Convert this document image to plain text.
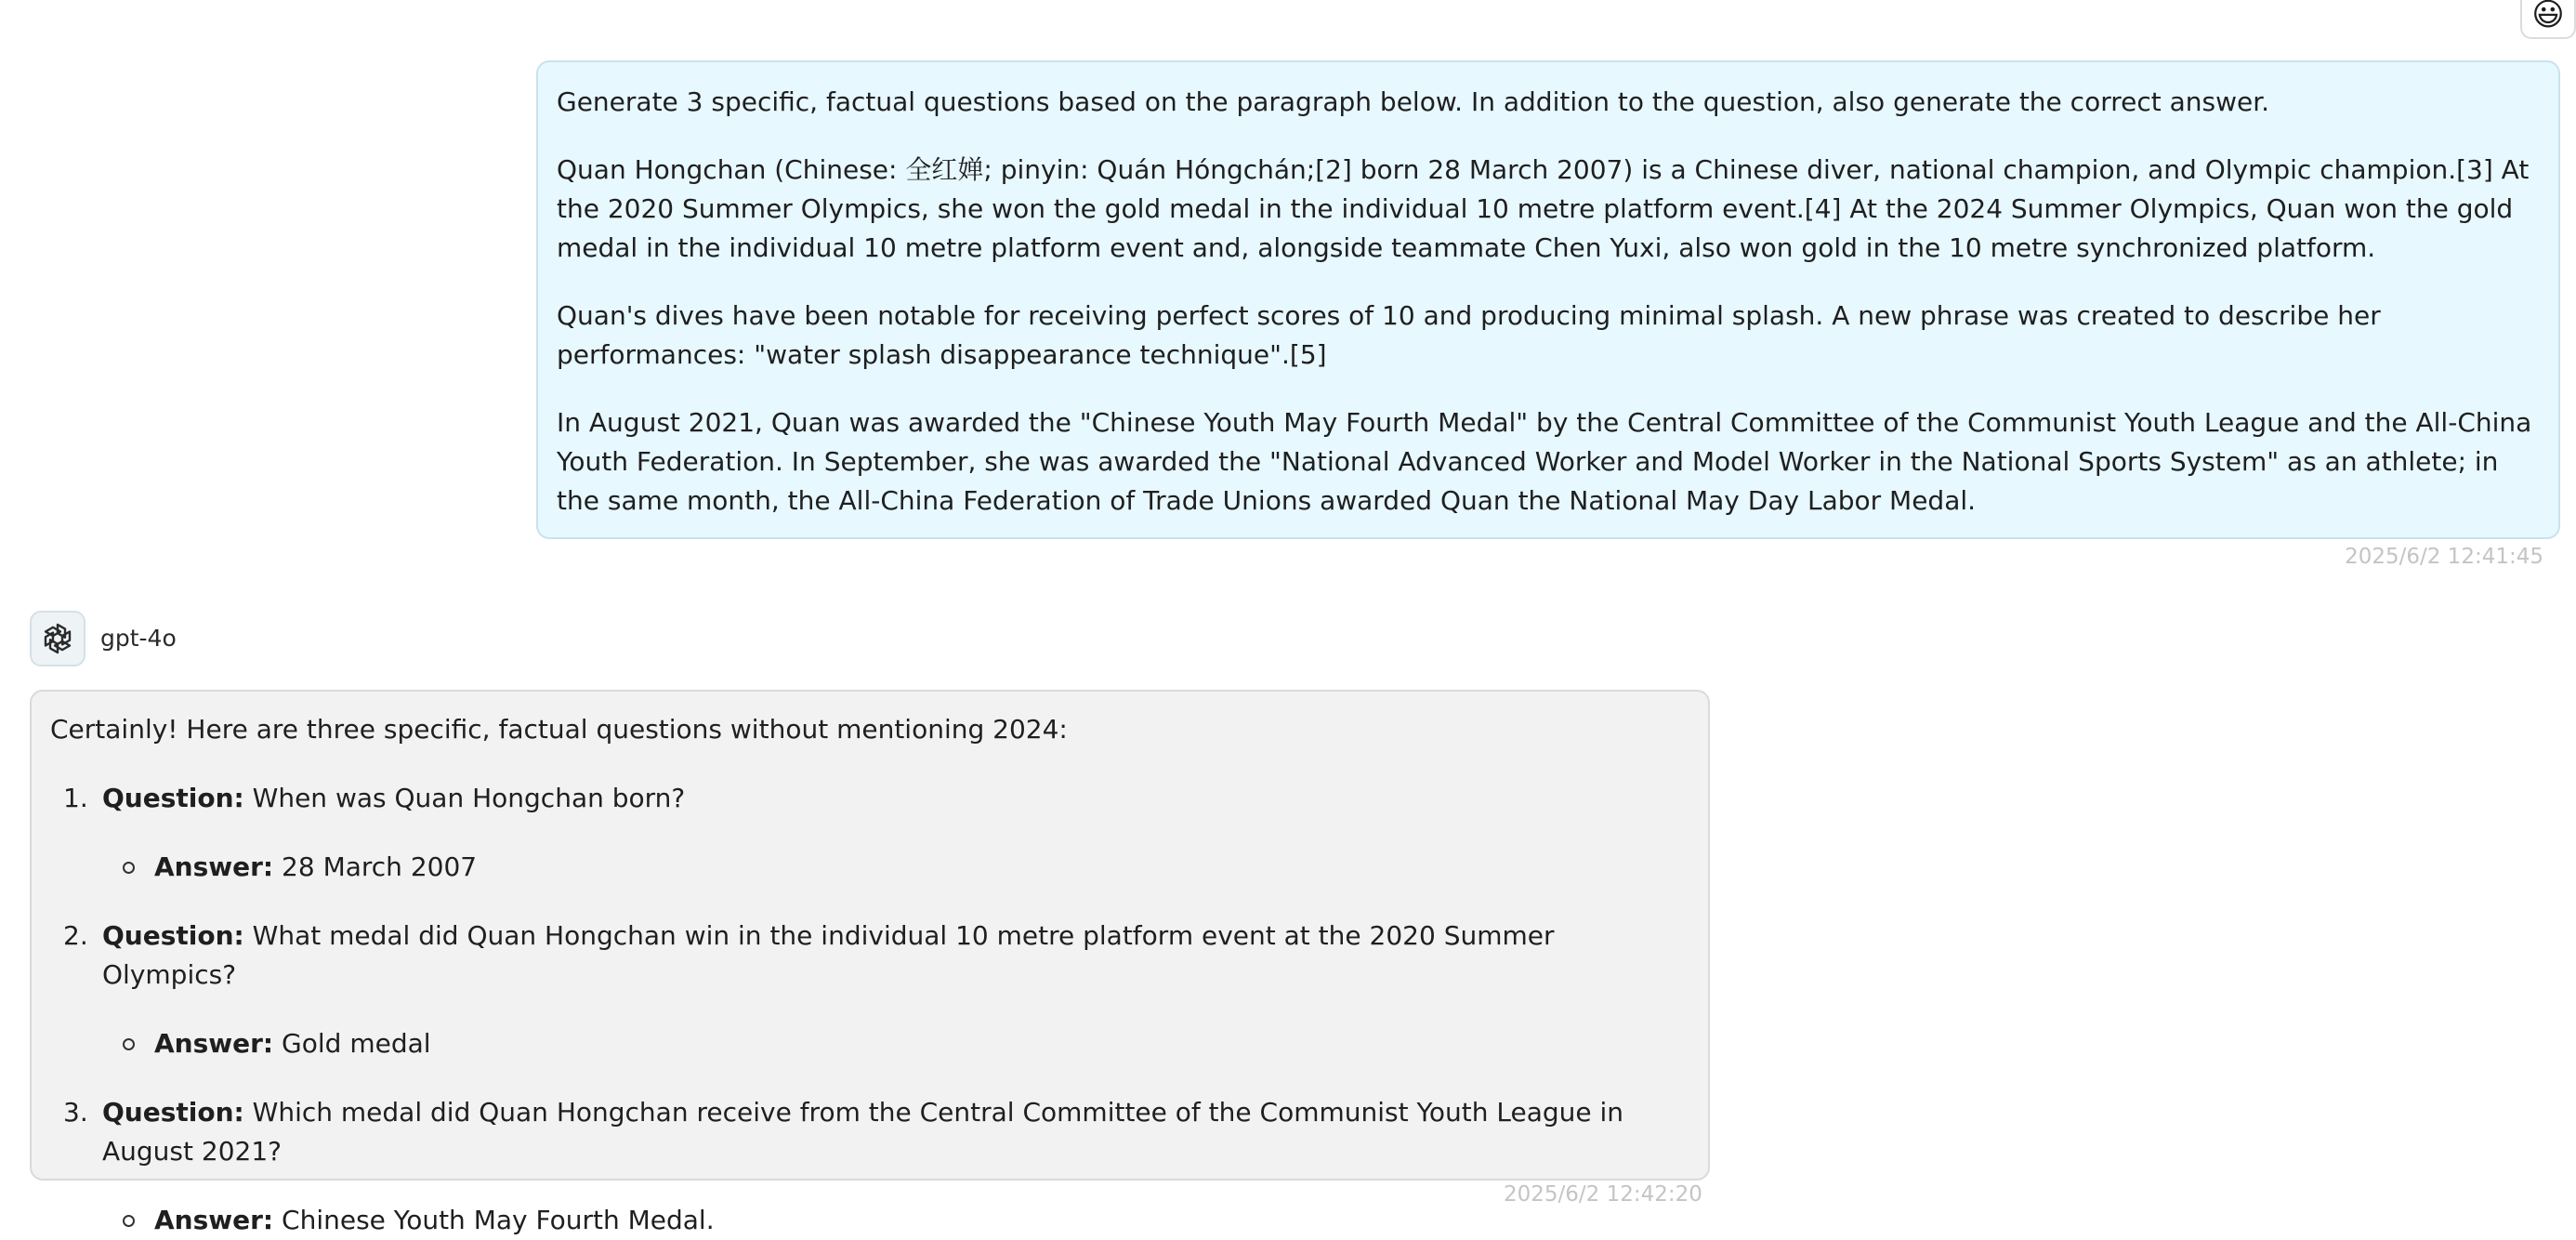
😃

Generate 3 specific, factual questions based on the paragraph below. In addition to the question, also generate the correct answer.

Quan Hongchan (Chinese: 全红婵; pinyin: Quán Hóngchán;[2] born 28 March 2007) is a Chinese diver, national champion, and Olympic champion.[3] At the 2020 Summer Olympics, she won the gold medal in the individual 10 metre platform event.[4] At the 2024 Summer Olympics, Quan won the gold medal in the individual 10 metre platform event and, alongside teammate Chen Yuxi, also won gold in the 10 metre synchronized platform.

Quan's dives have been notable for receiving perfect scores of 10 and producing minimal splash. A new phrase was created to describe her performances: "water splash disappearance technique".[5]

In August 2021, Quan was awarded the "Chinese Youth May Fourth Medal" by the Central Committee of the Communist Youth League and the All-China Youth Federation. In September, she was awarded the "National Advanced Worker and Model Worker in the National Sports System" as an athlete; in the same month, the All-China Federation of Trade Unions awarded Quan the National May Day Labor Medal.

2025/6/2 12:41:45
gpt-4o

Certainly! Here are three specific, factual questions without mentioning 2024:

1. Question: When was Quan Hongchan born?

Answer: 28 March 2007

2. Question: What medal did Quan Hongchan win in the individual 10 metre platform event at the 2020 Summer Olympics?

Answer: Gold medal

3. Question: Which medal did Quan Hongchan receive from the Central Committee of the Communist Youth League in August 2021?

Answer: Chinese Youth May Fourth Medal.

2025/6/2 12:42:20
